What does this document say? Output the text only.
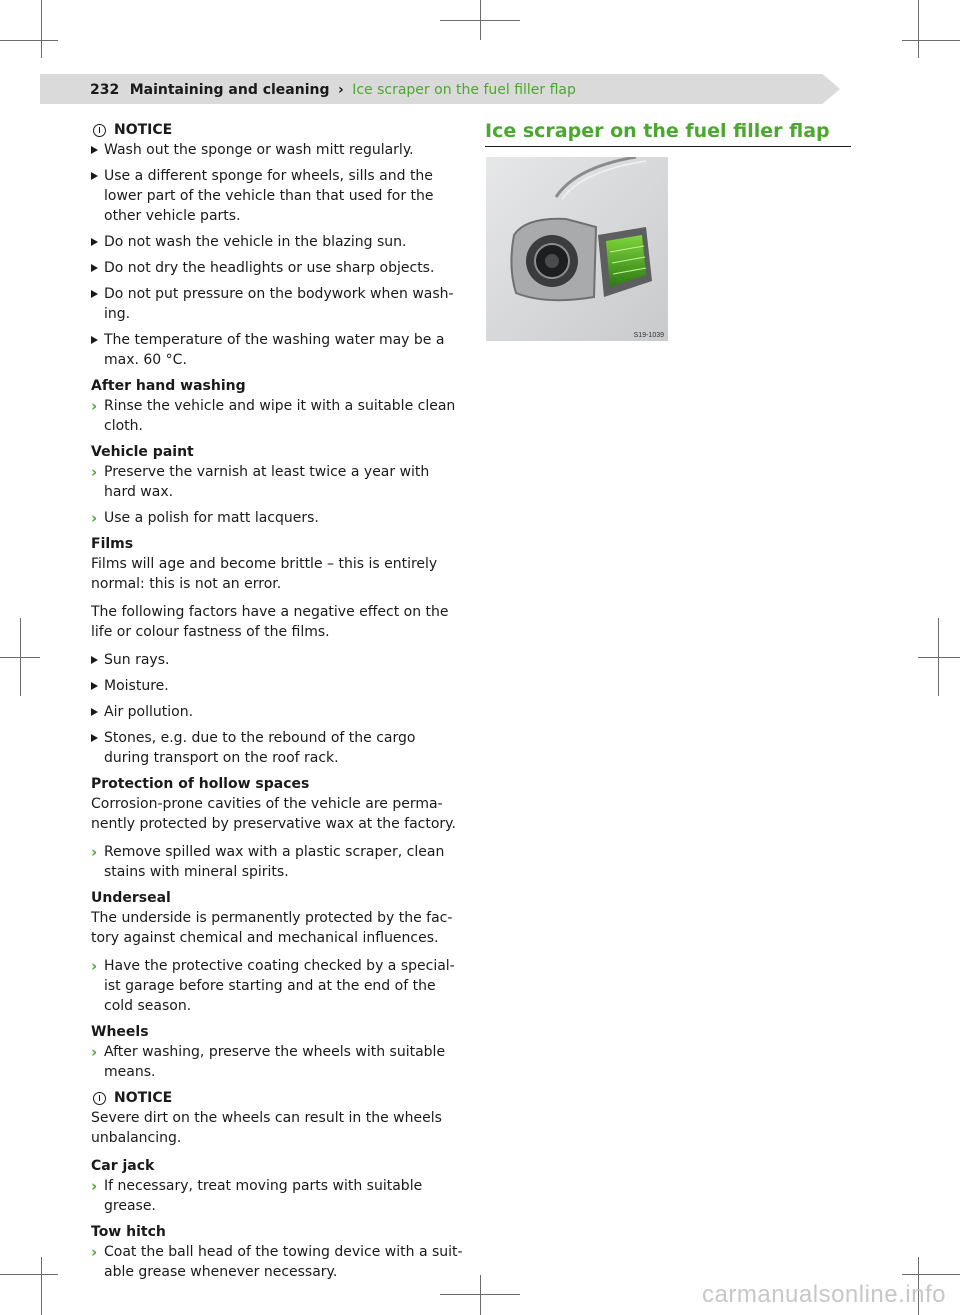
232 Maintaining and cleaning › Ice scraper on the fuel filler flap
NOTICE
Wash out the sponge or wash mitt regularly.
Use a different sponge for wheels, sills and the lower part of the vehicle than that used for the other vehicle parts.
Do not wash the vehicle in the blazing sun.
Do not dry the headlights or use sharp objects.
Do not put pressure on the bodywork when wash-ing.
The temperature of the washing water may be a max. 60 °C.
After hand washing
› Rinse the vehicle and wipe it with a suitable clean cloth.
Vehicle paint
› Preserve the varnish at least twice a year with hard wax.
› Use a polish for matt lacquers.
Films

Films will age and become brittle – this is entirely normal: this is not an error.

The following factors have a negative effect on the life or colour fastness of the films.

Sun rays.
Moisture.
Air pollution.
Stones, e.g. due to the rebound of the cargo during transport on the roof rack.
Protection of hollow spaces

Corrosion-prone cavities of the vehicle are perma-nently protected by preservative wax at the factory.

› Remove spilled wax with a plastic scraper, clean stains with mineral spirits.
Underseal

The underside is permanently protected by the fac-tory against chemical and mechanical influences.

› Have the protective coating checked by a special-ist garage before starting and at the end of the cold season.
Wheels
› After washing, preserve the wheels with suitable means.
NOTICE

Severe dirt on the wheels can result in the wheels unbalancing.

Car jack
› If necessary, treat moving parts with suitable grease.
Tow hitch
› Coat the ball head of the towing device with a suit-able grease whenever necessary.
Ice scraper on the fuel filler flap
S19-1039
carmanualsonline.info
